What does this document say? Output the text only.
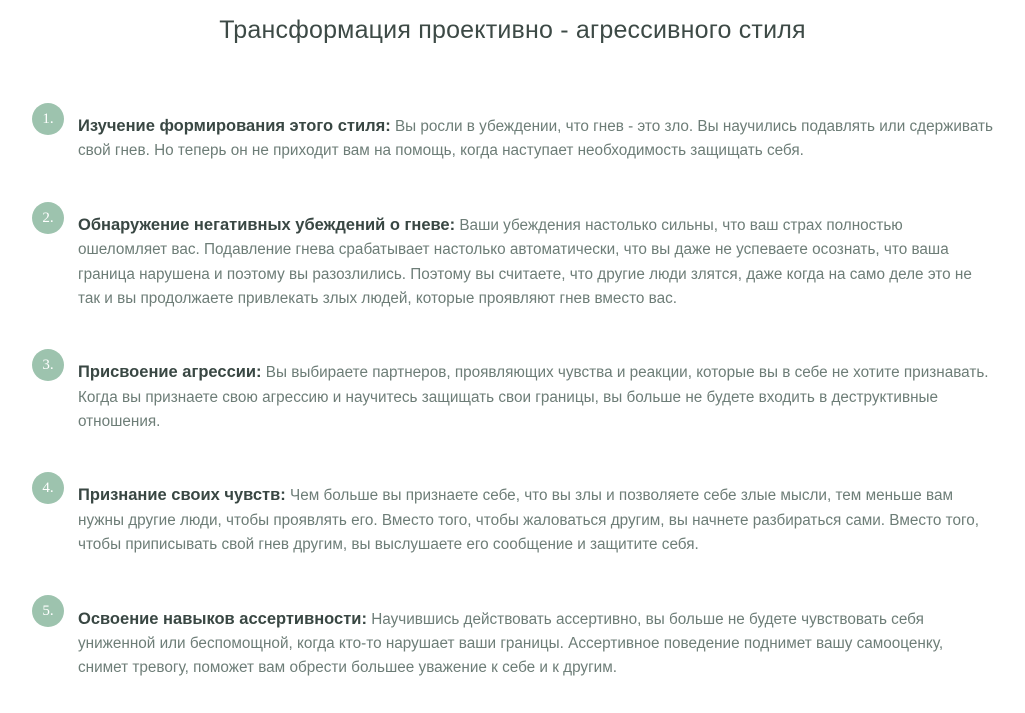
Трансформация проективно - агрессивного стиля
1.	Изучение формирования этого стиля: Вы росли в убеждении, что гнев - это зло. Вы научились подавлять или сдерживать свой гнев. Но теперь он не приходит вам на помощь, когда наступает необходимость защищать себя.

2.	Обнаружение негативных убеждений о гневе: Ваши убеждения настолько сильны, что ваш страх полностью ошеломляет вас. Подавление гнева срабатывает настолько автоматически, что вы даже не успеваете осознать, что ваша граница нарушена и поэтому вы разозлились. Поэтому вы считаете, что другие люди злятся, даже когда на само деле это не так и вы продолжаете привлекать злых людей, которые проявляют гнев вместо вас.

3.	Присвоение агрессии: Вы выбираете партнеров, проявляющих чувства и реакции, которые вы в себе не хотите признавать. Когда вы признаете свою агрессию и научитесь защищать свои границы, вы больше не будете входить в деструктивные отношения.

4.	Признание своих чувств: Чем больше вы признаете себе, что вы злы и позволяете себе злые мысли, тем меньше вам нужны другие люди, чтобы проявлять его. Вместо того, чтобы жаловаться другим, вы начнете разбираться сами. Вместо того, чтобы приписывать свой гнев другим, вы выслушаете его сообщение и защитите себя.

5.	Освоение навыков ассертивности: Научившись действовать ассертивно, вы больше не будете чувствовать себя униженной или беспомощной, когда кто-то нарушает ваши границы. Ассертивное поведение поднимет вашу самооценку, снимет тревогу, поможет вам обрести большее уважение к себе и к другим.
